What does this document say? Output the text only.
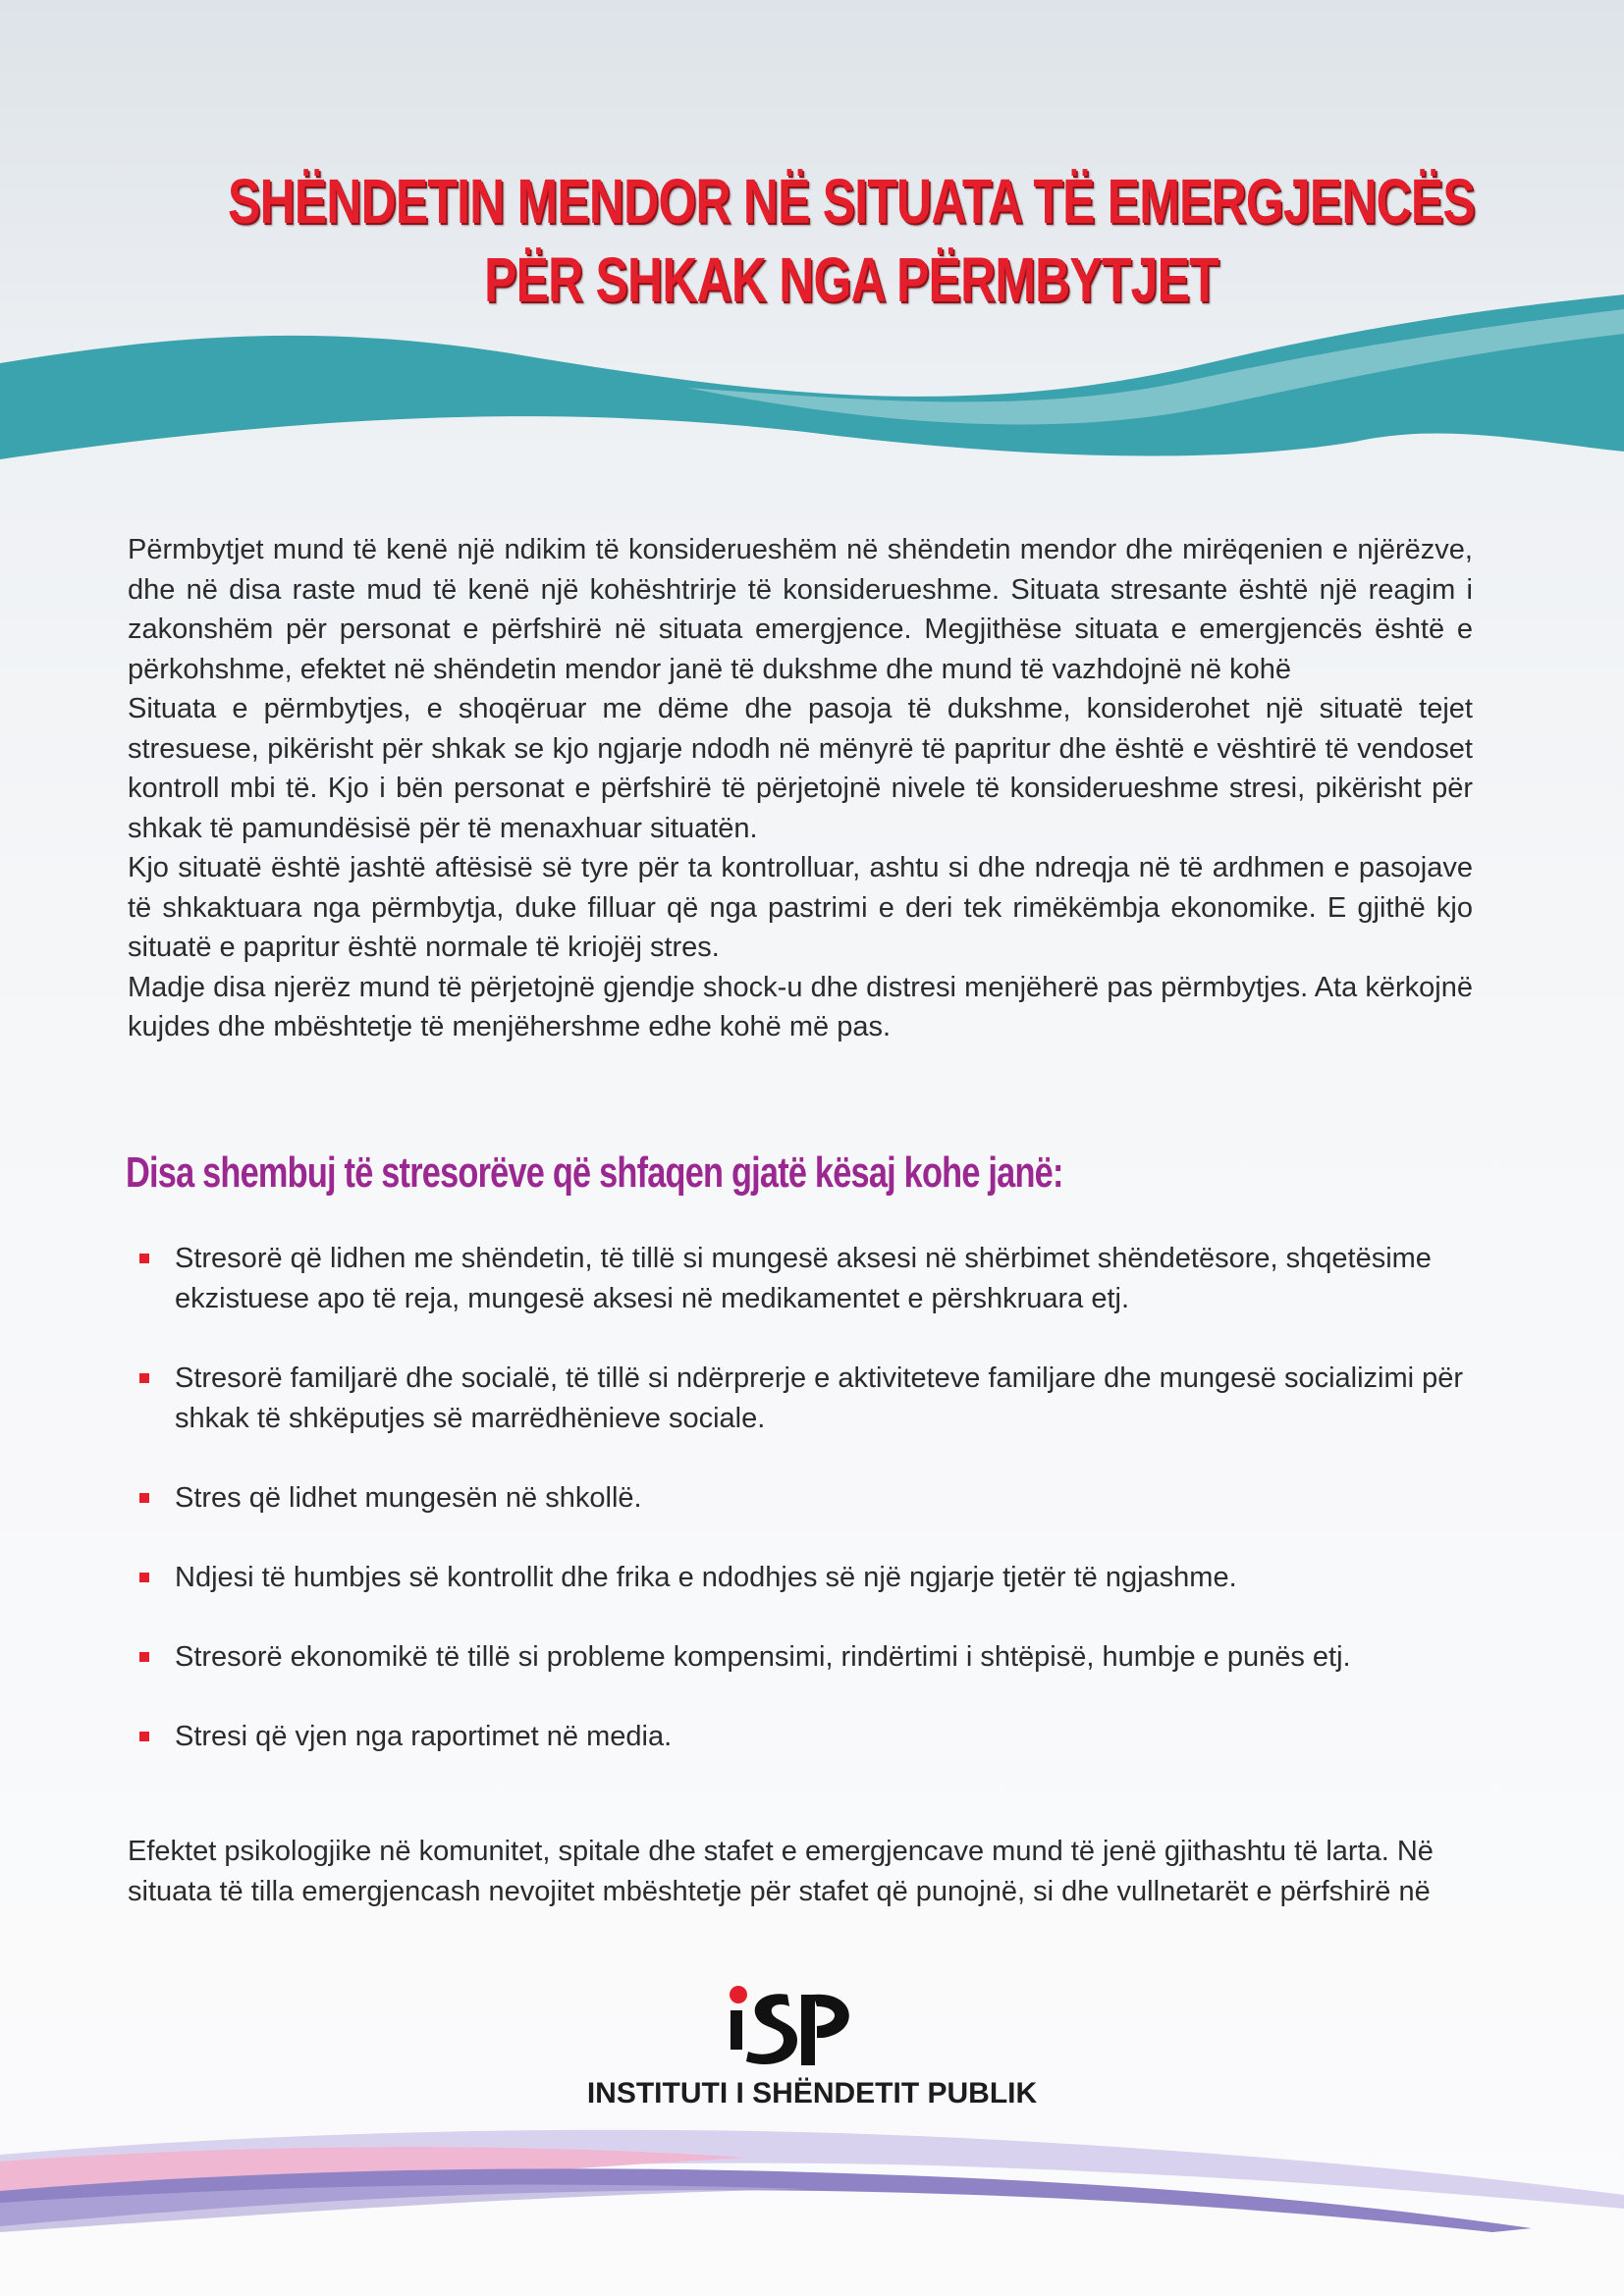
SHËNDETIN MENDOR NË SITUATA TË EMERGJENCËS
PËR SHKAK NGA PËRMBYTJET

Përmbytjet mund të kenë një ndikim të konsiderueshëm në shëndetin mendor dhe mirëqenien e njërëzve, dhe në disa raste mud të kenë një kohështrirje të konsiderueshme. Situata stresante është një reagim i zakonshëm për personat e përfshirë në situata emergjence. Megjithëse situata e emergjencës është e përkohshme, efektet në shëndetin mendor janë të dukshme dhe mund të vazhdojnë në kohë

Situata e përmbytjes, e shoqëruar me dëme dhe pasoja të dukshme, konsiderohet një situatë tejet stresuese, pikërisht për shkak se kjo ngjarje ndodh në mënyrë të papritur dhe është e vështirë të vendoset kontroll mbi të. Kjo i bën personat e përfshirë të përjetojnë nivele të konsiderueshme stresi, pikërisht për shkak të pamundësisë për të menaxhuar situatën.

Kjo situatë është jashtë aftësisë së tyre për ta kontrolluar, ashtu si dhe ndreqja në të ardhmen e pasojave të shkaktuara nga përmbytja, duke filluar që nga pastrimi e deri tek rimëkëmbja ekonomike. E gjithë kjo situatë e papritur është normale të kriojëj stres.

Madje disa njerëz mund të përjetojnë gjendje shock-u dhe distresi menjëherë pas përmbytjes. Ata kërkojnë kujdes dhe mbështetje të menjëhershme edhe kohë më pas.

Disa shembuj të stresorëve që shfaqen gjatë kësaj kohe janë:
Stresorë që lidhen me shëndetin, të tillë si mungesë aksesi në shërbimet shëndetësore, shqetësime ekzistuese apo të reja, mungesë aksesi në medikamentet e përshkruara etj.
Stresorë familjarë dhe socialë, të tillë si ndërprerje e aktiviteteve familjare dhe mungesë socializimi për shkak të shkëputjes së marrëdhënieve sociale.
Stres që lidhet mungesën në shkollë.
Ndjesi të humbjes së kontrollit dhe frika e ndodhjes së një ngjarje tjetër të ngjashme.
Stresorë ekonomikë të tillë si probleme kompensimi, rindërtimi i shtëpisë, humbje e punës etj.
Stresi që vjen nga raportimet në media.
Efektet psikologjike në komunitet, spitale dhe stafet e emergjencave mund të jenë gjithashtu të larta. Në situata të tilla emergjencash nevojitet mbështetje për stafet që punojnë, si dhe vullnetarët e përfshirë në
INSTITUTI I SHËNDETIT PUBLIK
